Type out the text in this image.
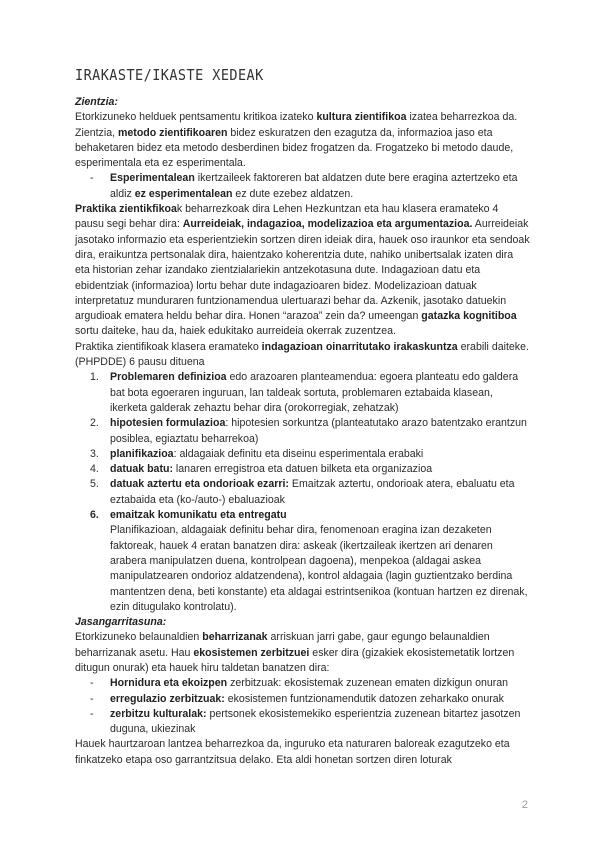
IRAKASTE/IKASTE XEDEAK
Zientzia:

Etorkizuneko helduek pentsamentu kritikoa izateko kultura zientifikoa izatea beharrezkoa da. Zientzia, metodo zientifikoaren bidez eskuratzen den ezagutza da, informazioa jaso eta behaketaren bidez eta metodo desberdinen bidez frogatzen da. Frogatzeko bi metodo daude, esperimentala eta ez esperimentala.

- Esperimentalean ikertzaileek faktoreren bat aldatzen dute bere eragina aztertzeko eta aldiz ez esperimentalean ez dute ezebez aldatzen.

Praktika zientikfikoak beharrezkoak dira Lehen Hezkuntzan eta hau klasera eramateko 4 pausu segi behar dira: Aurreideiak, indagazioa, modelizazioa eta argumentazioa. Aurreideiak jasotako informazio eta esperientziekin sortzen diren ideiak dira, hauek oso iraunkor eta sendoak dira, eraikuntza pertsonalak dira, haientzako koherentzia dute, nahiko unibertsalak izaten dira eta historian zehar izandako zientzialariekin antzekotasuna dute. Indagazioan datu eta ebidentziak (informazioa) lortu behar dute indagazioaren bidez. Modelizazioan datuak interpretatuz munduraren funtzionamendua ulertuarazi behar da. Azkenik, jasotako datuekin argudioak ematera heldu behar dira. Honen “arazoa” zein da? umeengan gatazka kognitiboa sortu daiteke, hau da, haiek edukitako aurreideia okerrak zuzentzea.

Praktika zientifikoak klasera eramateko indagazioan oinarritutako irakaskuntza erabili daiteke. (PHPDDE) 6 pausu dituena

1. Problemaren definizioa edo arazoaren planteamendua: egoera planteatu edo galdera bat bota egoeraren inguruan, lan taldeak sortuta, problemaren eztabaida klasean, ikerketa galderak zehaztu behar dira (orokorregiak, zehatzak)
2. hipotesien formulazioa: hipotesien sorkuntza (planteatutako arazo batentzako erantzun posiblea, egiaztatu beharrekoa)
3. planifikazioa: aldagaiak definitu eta diseinu esperimentala erabaki
4. datuak batu: lanaren erregistroa eta datuen bilketa eta organizazioa
5. datuak aztertu eta ondorioak ezarri: Emaitzak aztertu, ondorioak atera, ebaluatu eta eztabaida eta (ko-/auto-) ebaluazioak
6. emaitzak komunikatu eta entregatu
Planifikazioan, aldagaiak definitu behar dira, fenomenoan eragina izan dezaketen faktoreak, hauek 4 eratan banatzen dira: askeak (ikertzaileak ikertzen ari denaren arabera manipulatzen duena, kontrolpean dagoena), menpekoa (aldagai askea manipulatzearen ondorioz aldatzendena), kontrol aldagaia (lagin guztientzako berdina mantentzen dena, beti konstante) eta aldagai estrintsenikoa (kontuan hartzen ez direnak, ezin ditugulako kontrolatu).
Jasangarritasuna:

Etorkizuneko belaunaldien beharrizanak arriskuan jarri gabe, gaur egungo belaunaldien beharrizanak asetu. Hau ekosistemen zerbitzuei esker dira (gizakiek ekosistemetatik lortzen ditugun onurak) eta hauek hiru taldetan banatzen dira:

- Hornidura eta ekoizpen zerbitzuak: ekosistemak zuzenean ematen dizkigun onuran
- erregulazio zerbitzuak: ekosistemen funtzionamendutik datozen zeharkako onurak
- zerbitzu kulturalak: pertsonek ekosistemekiko esperientzia zuzenean bitartez jasotzen duguna, ukiezinak

Hauek haurtzaroan lantzea beharrezkoa da, inguruko eta naturaren baloreak ezagutzeko eta finkatzeko etapa oso garrantzitsua delako. Eta aldi honetan sortzen diren loturak

2
